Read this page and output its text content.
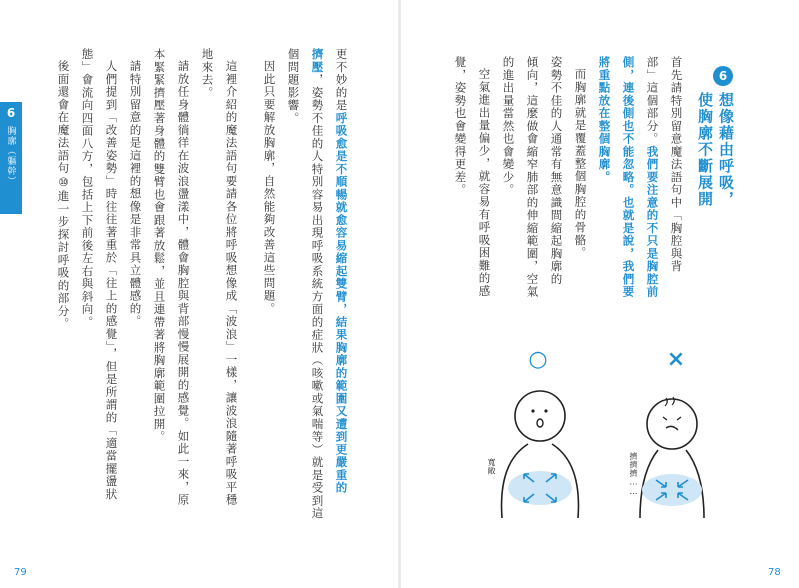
6
胸廓（軀幹）
更不妙的是呼吸愈是不順暢就愈容易縮起雙臂，結果胸廓的範圍又遭到更嚴重的
擠壓，姿勢不佳的人特別容易出現呼吸系統方面的症狀（咳嗽或氣喘等）就是受到這
個問題影響。
因此只要解放胸廓，自然能夠改善這些問題。
這裡介紹的魔法語句要請各位將呼吸想像成「波浪」一樣，讓波浪隨著呼吸平穩
地來去。
請放任身體徜徉在波浪盪漾中，體會胸腔與背部慢慢展開的感覺。如此一來，原
本緊緊擠壓著身體的雙臂也會跟著放鬆，並且連帶著將胸廓範圍拉開。
請特別留意的是這裡的想像是非常具立體感的。
人們提到「改善姿勢」時往往著重於「往上的感覺」，但是所謂的「適當擺盪狀
態」會流向四面八方，包括上下前後左右與斜向。
後面還會在魔法語句⑩進一步探討呼吸的部分。
79
6
想像藉由呼吸，
使胸廓不斷展開
首先請特別留意魔法語句中「胸腔與背
部」這個部分。我們要注意的不只是胸腔前
側，連後側也不能忽略。也就是說，我們要
將重點放在整個胸廓。
而胸廓就是覆蓋整個胸腔的骨骼。
姿勢不佳的人通常有無意識間縮起胸廓的
傾向，這麼做會縮窄肺部的伸縮範圍，空氣
的進出量當然也會變少。
空氣進出量偏少，就容易有呼吸困難的感
覺，姿勢也會變得更差。
○	×
寬敞	擠擠擠……
78
